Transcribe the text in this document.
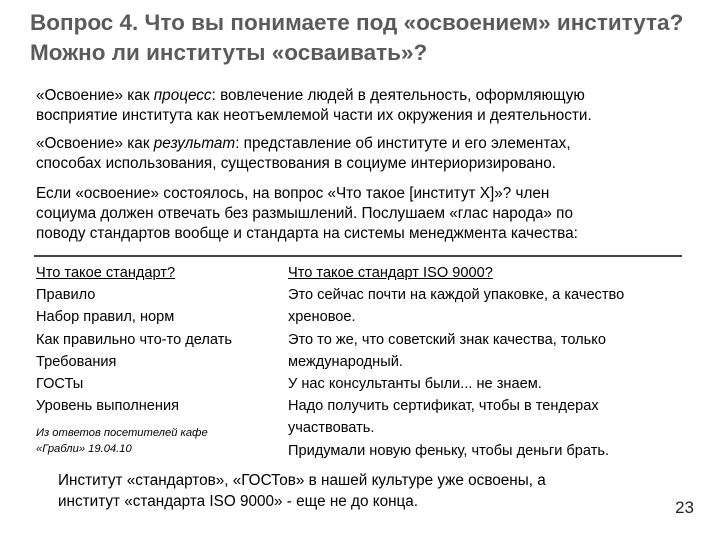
Вопрос 4. Что вы понимаете под «освоением» института? Можно ли институты «осваивать»?
«Освоение» как процесс: вовлечение людей в деятельность, оформляющую
восприятие института как неотъемлемой части их окружения и деятельности.
«Освоение» как результат: представление об институте и его элементах,
способах использования, существования в социуме интериоризировано.
Если «освоение» состоялось, на вопрос «Что такое [институт X]»? член
социума должен отвечать без размышлений. Послушаем «глас народа» по
поводу стандартов вообще и стандарта на системы менеджмента качества:
Что такое стандарт?
Правило
Набор правил, норм
Как правильно что-то делать
Требования
ГОСТы
Уровень выполнения
Из ответов посетителей кафе
«Грабли» 19.04.10
Что такое стандарт ISO 9000?
Это сейчас почти на каждой упаковке, а качество
хреновое.
Это то же, что советский знак качества, только
международный.
У нас консультанты были... не знаем.
Надо получить сертификат, чтобы в тендерах
участвовать.
Придумали новую феньку, чтобы деньги брать.
Институт «стандартов», «ГОСТов» в нашей культуре уже освоены, а
институт «стандарта ISO 9000» - еще не до конца.	23
